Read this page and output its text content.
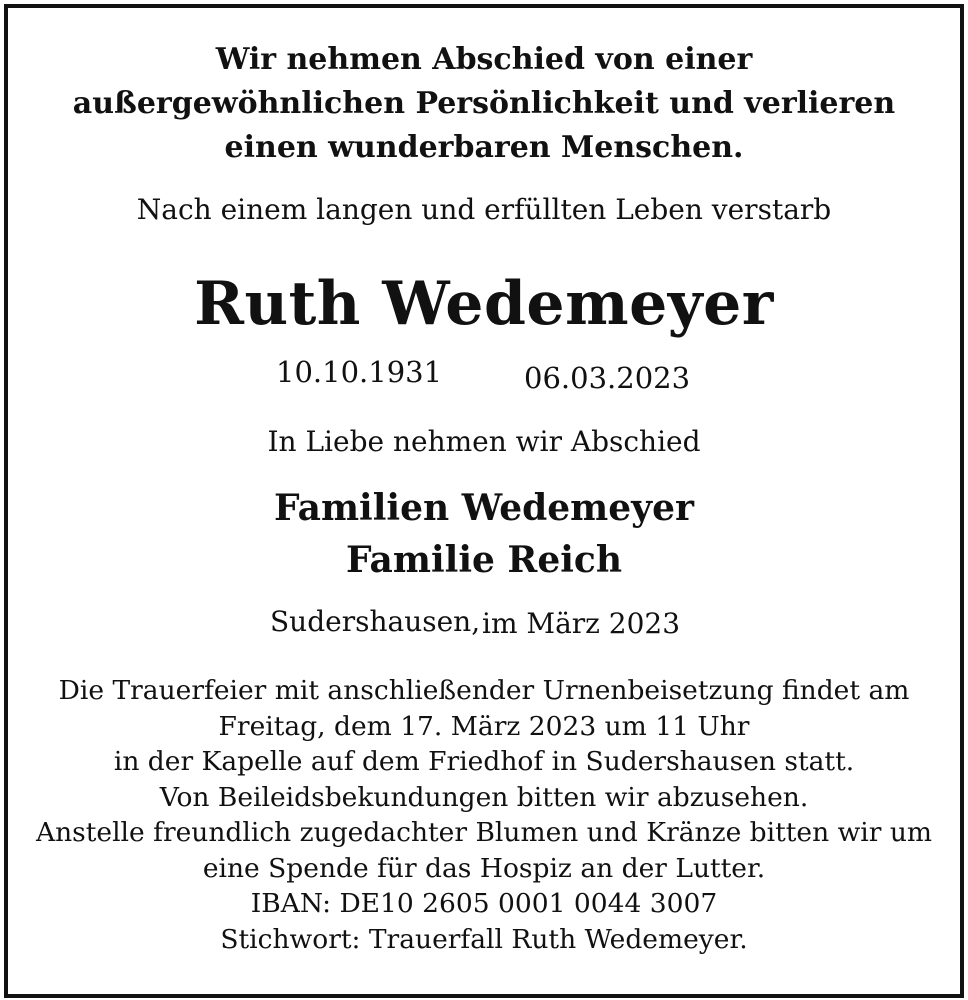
Wir nehmen Abschied von einer
außergewöhnlichen Persönlichkeit und verlieren
einen wunderbaren Menschen.
Nach einem langen und erfüllten Leben verstarb
Ruth Wedemeyer
10.10.1931	06.03.2023
In Liebe nehmen wir Abschied
Familien Wedemeyer
Familie Reich
Sudershausen, im März 2023
Die Trauerfeier mit anschließender Urnenbeisetzung findet am
Freitag, dem 17. März 2023 um 11 Uhr
in der Kapelle auf dem Friedhof in Sudershausen statt.
Von Beileidsbekundungen bitten wir abzusehen.
Anstelle freundlich zugedachter Blumen und Kränze bitten wir um
eine Spende für das Hospiz an der Lutter.
IBAN: DE10 2605 0001 0044 3007
Stichwort: Trauerfall Ruth Wedemeyer.
